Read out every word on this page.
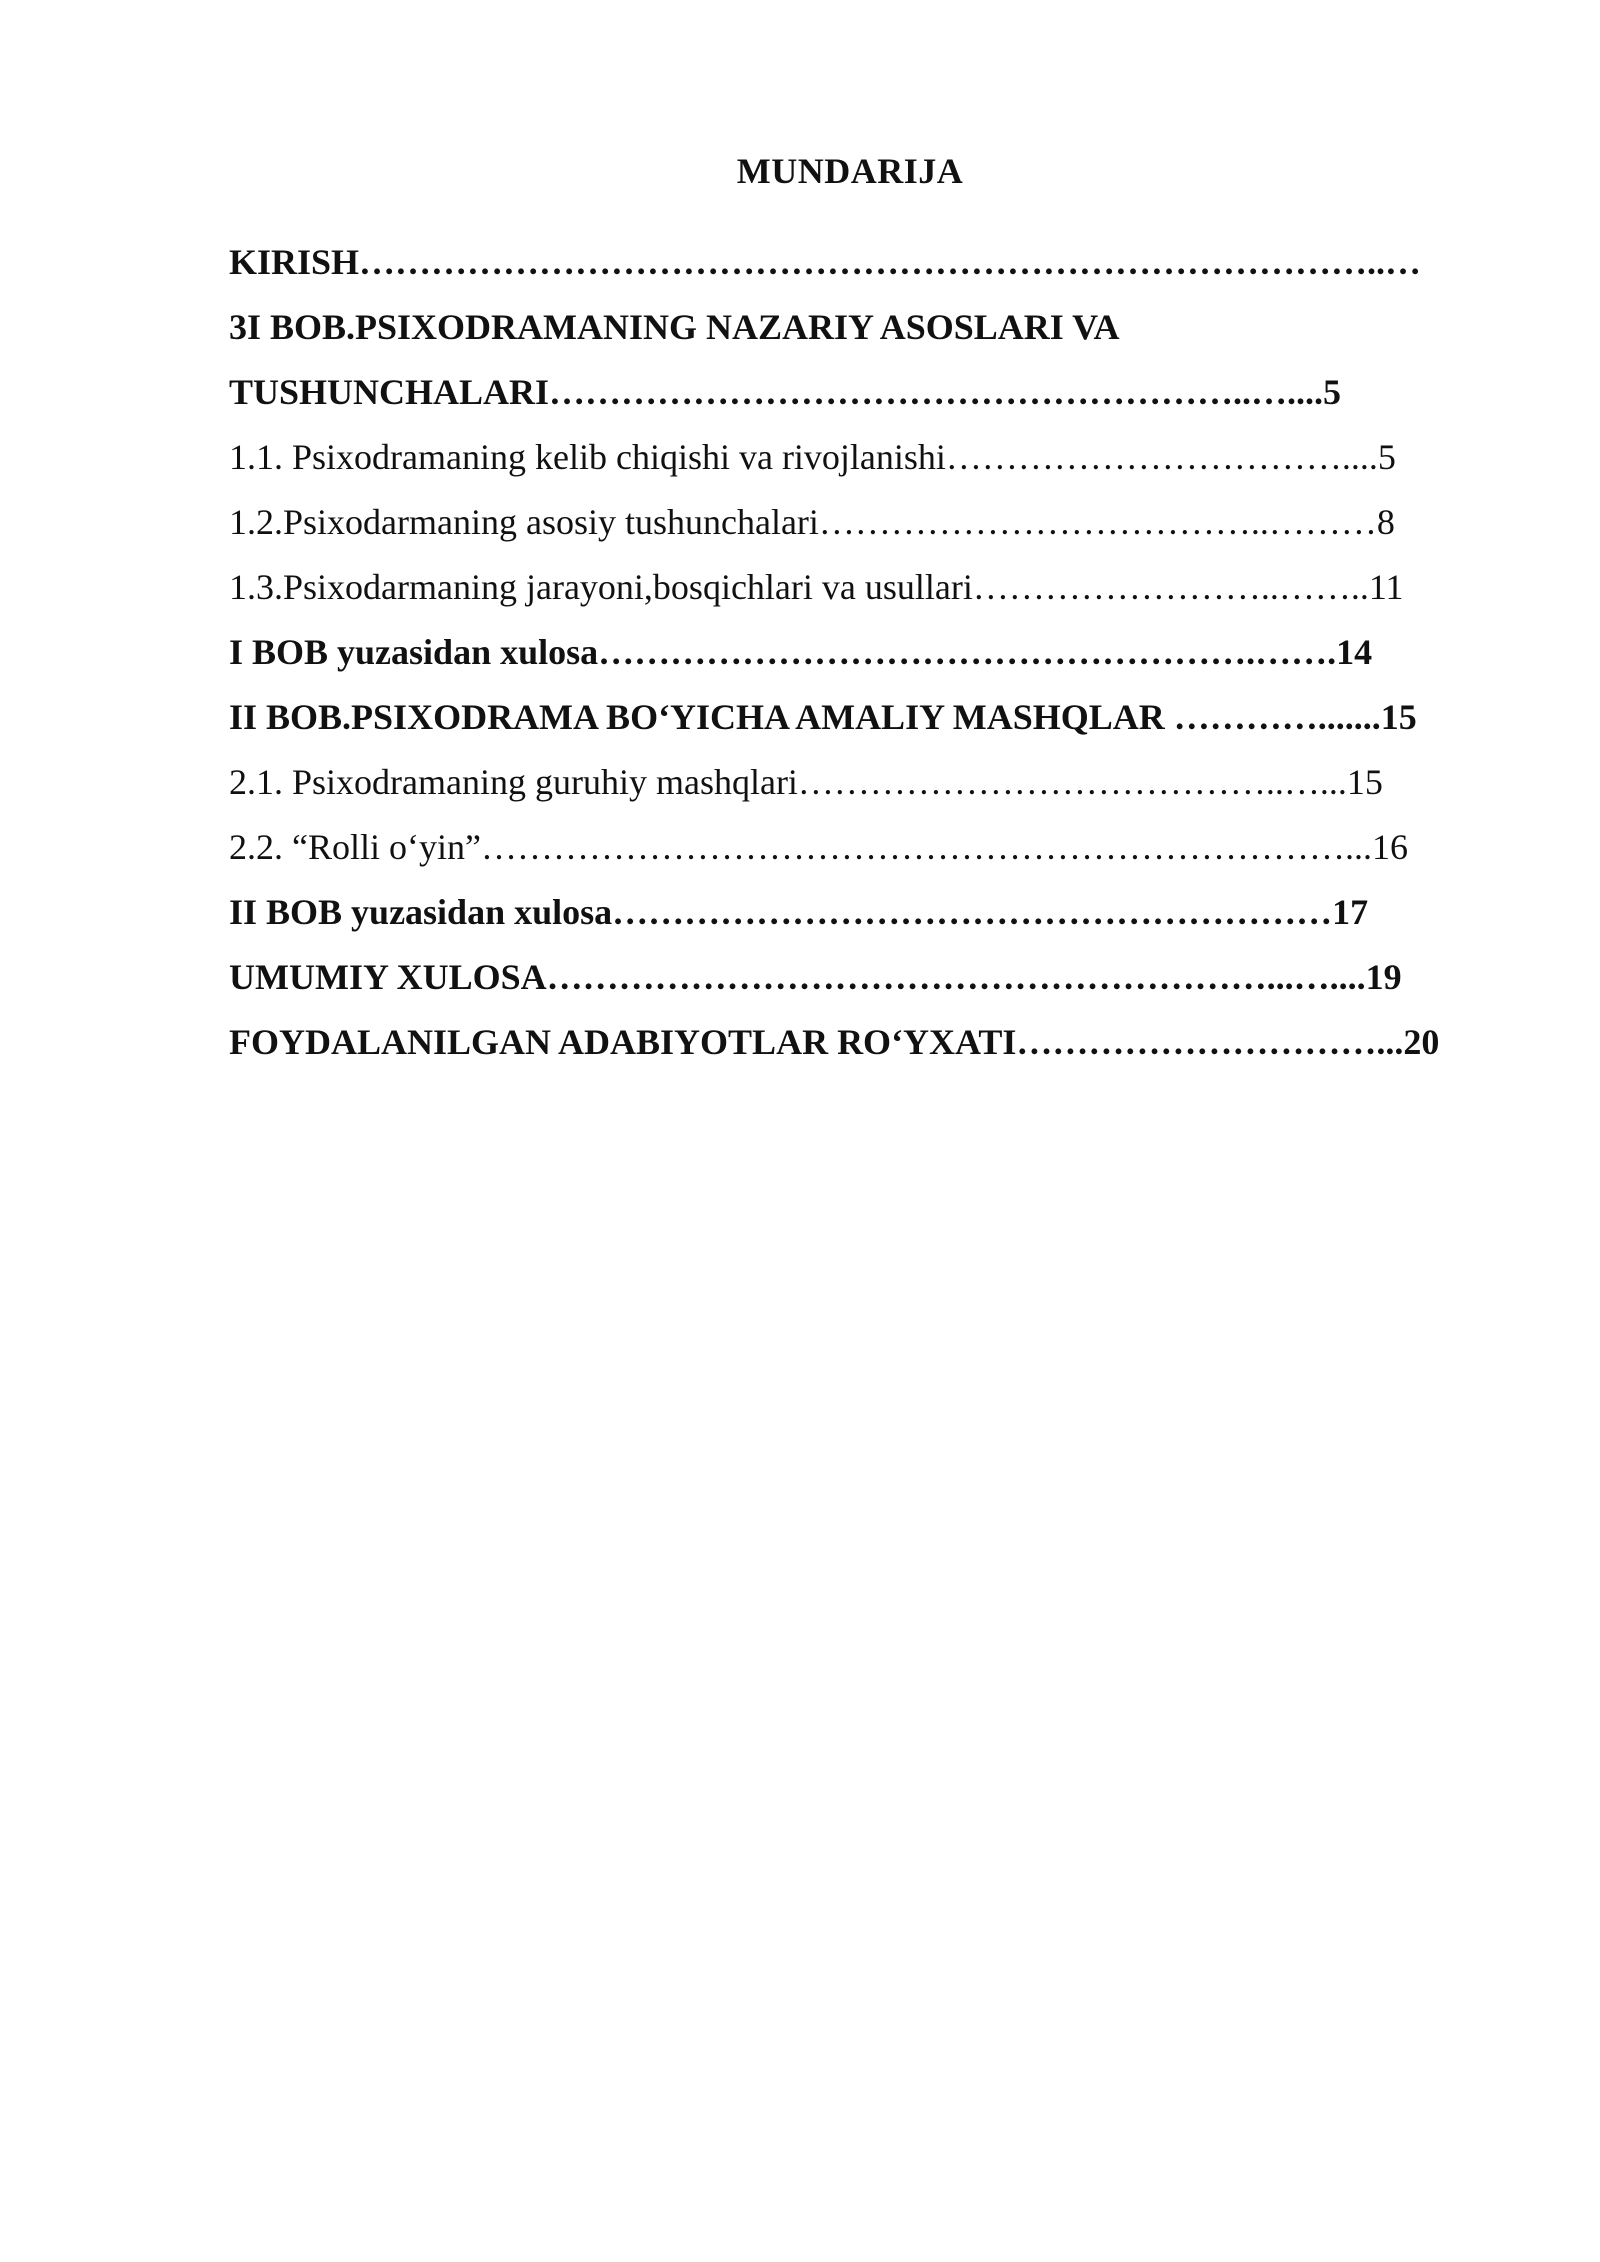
MUNDARIJA
KIRISH…………………………………………………………………………..…
3I BOB.PSIXODRAMANING NAZARIY ASOSLARI VA
TUSHUNCHALARI…………………………………………………..…....5
1.1. Psixodramaning kelib chiqishi va rivojlanishi……………………………....5
1.2.Psixodarmaning asosiy tushunchalari………………………………..………8
1.3.Psixodarmaning jarayoni,bosqichlari va usullari……………………..……..11
I BOB yuzasidan xulosa……………………………………………….…….14
II BOB.PSIXODRAMA BO‘YICHA AMALIY MASHQLAR ………….......15
2.1. Psixodramaning guruhiy mashqlari…………………………………..…...15
2.2. “Rolli o‘yin”………………………………………………………………...16
II BOB yuzasidan xulosa……………………………………………………17
UMUMIY XULOSA……………………………………………………...…....19
FOYDALANILGAN ADABIYOTLAR RO‘YXATI…………………………...20
